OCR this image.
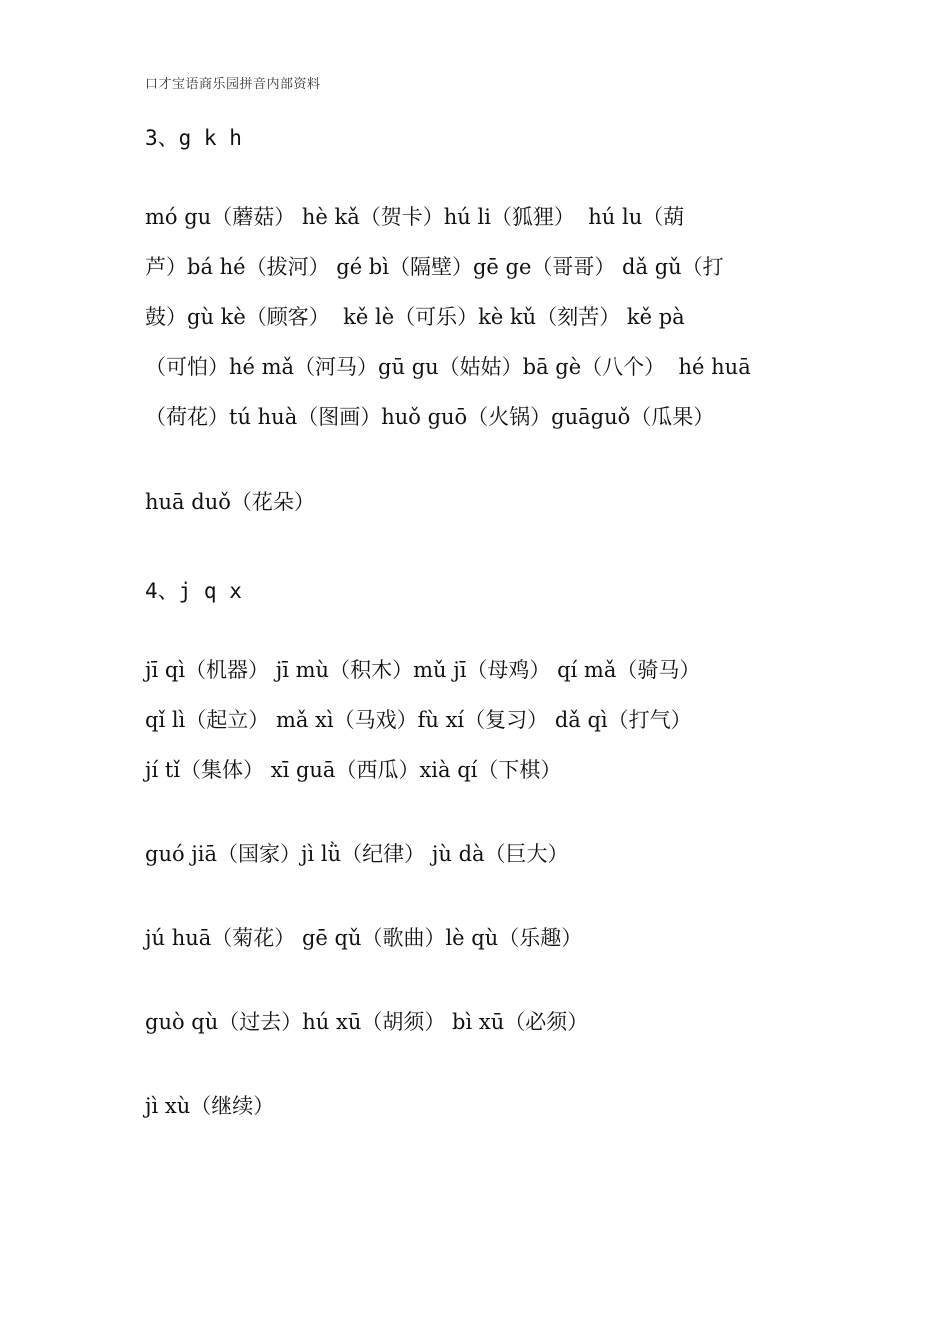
口才宝语商乐园拼音内部资料
3、g k h
mó gu（蘑菇） hè kǎ（贺卡）hú li（狐狸）  hú lu（葫
芦）bá hé（拔河） gé bì（隔壁）gē ge（哥哥） dǎ gǔ（打
鼓）gù kè（顾客）  kě lè（可乐）kè kǔ（刻苦） kě pà
（可怕）hé mǎ（河马）gū gu（姑姑）bā gè（八个）  hé huā
（荷花）tú huà（图画）huǒ guō（火锅）guāguǒ（瓜果）
huā duǒ（花朵）
4、j q x
jī qì（机器） jī mù（积木）mǔ jī（母鸡） qí mǎ（骑马）
qǐ lì（起立） mǎ xì（马戏）fù xí（复习） dǎ qì（打气）
jí tǐ（集体） xī guā（西瓜）xià qí（下棋）
guó jiā（国家）jì lǜ（纪律） jù dà（巨大）
jú huā（菊花） gē qǔ（歌曲）lè qù（乐趣）
guò qù（过去）hú xū（胡须） bì xū（必须）
jì xù（继续）
